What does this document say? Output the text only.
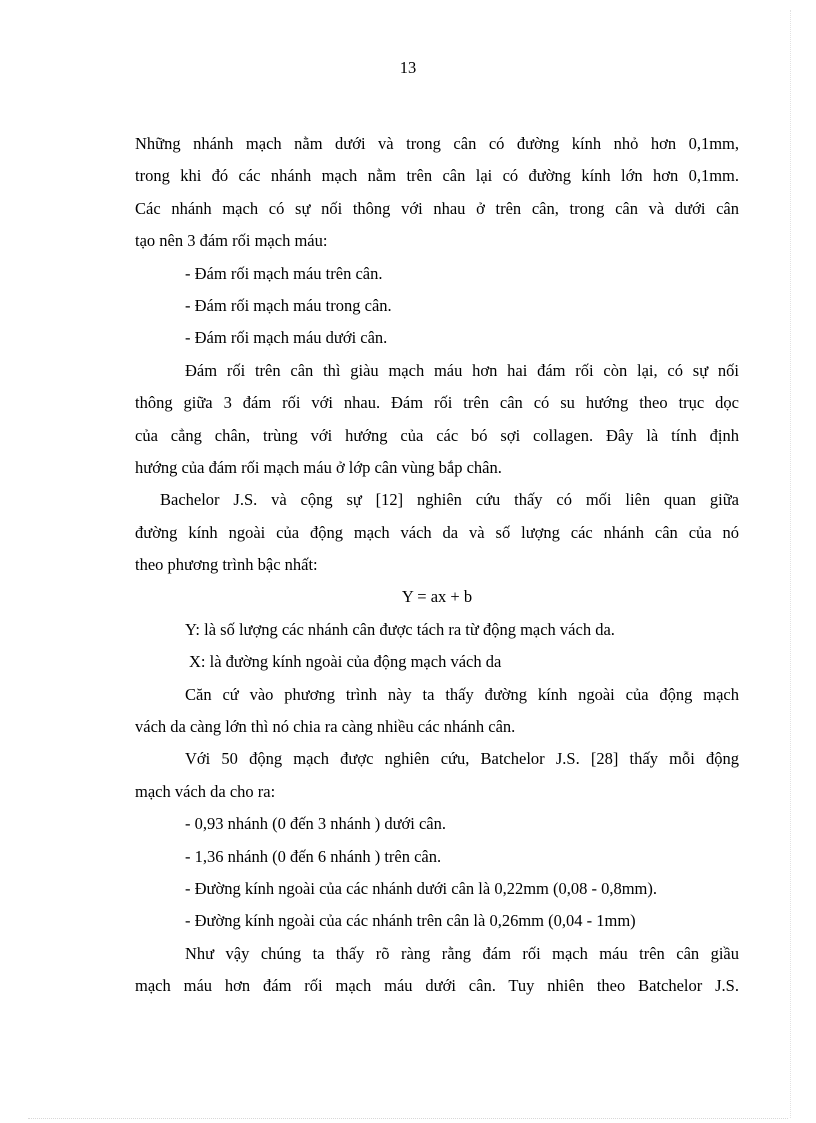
13
Những nhánh mạch nằm dưới và trong cân có đường kính nhỏ hơn 0,1mm,
trong khi đó các nhánh mạch nằm trên cân lại có đường kính lớn hơn 0,1mm.
Các nhánh mạch có sự nối thông với nhau ở trên cân, trong cân và dưới cân
tạo nên 3 đám rối mạch máu:
- Đám rối mạch máu trên cân.
- Đám rối mạch máu trong cân.
- Đám rối mạch máu dưới cân.
Đám rối trên cân thì giàu mạch máu hơn hai đám rối còn lại, có sự nối
thông giữa 3 đám rối với nhau. Đám rối trên cân có su hướng theo trục dọc
của cẳng chân, trùng với hướng của các bó sợi collagen. Đây là tính định
hướng của đám rối mạch máu ở lớp cân vùng bắp chân.
Bachelor J.S. và cộng sự [12] nghiên cứu thấy có mối liên quan giữa
đường kính ngoài của động mạch vách da và số lượng các nhánh cân của nó
theo phương trình bậc nhất:
Y = ax + b
Y: là số lượng các nhánh cân được tách ra từ động mạch vách da.
X: là đường kính ngoài của động mạch vách da
Căn cứ vào phương trình này ta thấy đường kính ngoài của động mạch
vách da càng lớn thì nó chia ra càng nhiều các nhánh cân.
Với 50 động mạch được nghiên cứu, Batchelor J.S. [28] thấy mỗi động
mạch vách da cho ra:
- 0,93 nhánh (0 đến 3 nhánh ) dưới cân.
- 1,36 nhánh (0 đến 6 nhánh ) trên cân.
- Đường kính ngoài của các nhánh dưới cân là 0,22mm (0,08 - 0,8mm).
- Đường kính ngoài của các nhánh trên cân là 0,26mm (0,04 - 1mm)
Như vậy chúng ta thấy rõ ràng rằng đám rối mạch máu trên cân giầu
mạch máu hơn đám rối mạch máu dưới cân. Tuy nhiên theo Batchelor J.S.
